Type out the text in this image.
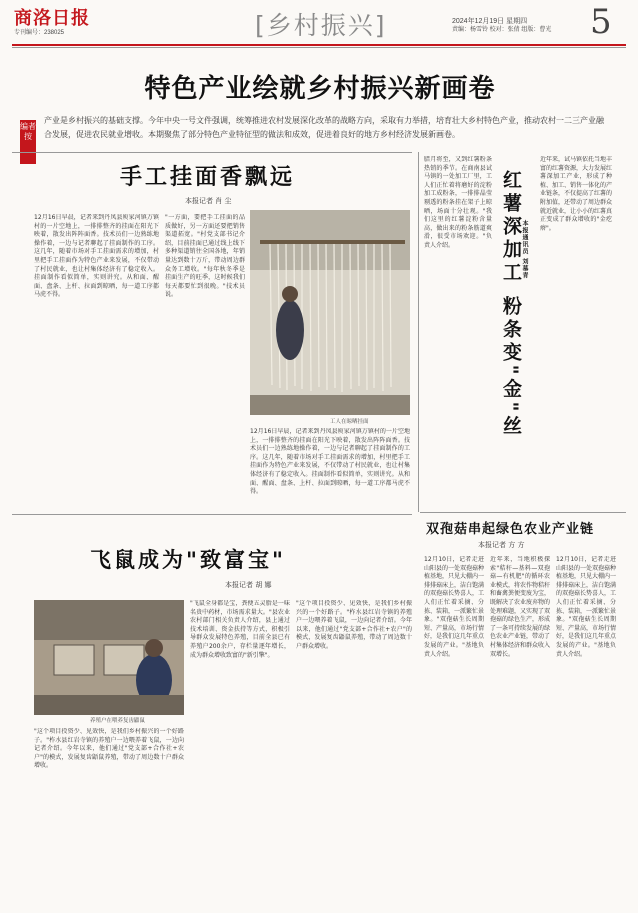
商洛日报
专刊编号：238025	[乡村振兴]	2024年12月19日 星期四
责编：杨雪铃 校对：张倩 组版：曹光 5
特色产业绘就乡村振兴新画卷
编者按
产业是乡村振兴的基础支撑。今年中央一号文件强调，统筹推进农村发展深化改革的战略方向，采取有力举措，培育壮大乡村特色产业，推动农村一二三产业融合发展，促进农民就业增收。本期聚焦了部分特色产业特征型的做法和成效，促进着良好的地方乡村经济发展新画卷。
手工挂面香飘远
本报记者 肖 尘
12月16日早晨，记者来到丹凤县庾家河镇万镇村的一片空地上，一排排整齐的挂面在阳光下映着，散发出阵阵面香。技术员们一边熟练地操作着，一边与记者聊起了挂面制作的工序。这几年，随着市场对手工挂面需求的增加，村里把手工挂面作为特色产业来发展，不仅带动了村民就业，也让村集体经济有了稳定收入。挂面制作看似简单，实则讲究。从和面、醒面、盘条、上杆、拉面到晾晒，每一道工序都马虎不得。
"一方面，要把手工挂面的品质做好，另一方面还要把销售渠道拓宽。"村党支部书记介绍，目前挂面已通过线上线下多种渠道销往全国各地，年销量达到数十万斤，带动周边群众务工增收。"每年秋冬季是挂面生产的旺季，这时候我们每天都要忙到很晚。"技术员说。
工人在晾晒挂面
12月16日早晨，记者来到丹凤县庾家河镇万镇村的一片空地上，一排排整齐的挂面在阳光下映着，散发出阵阵面香。技术员们一边熟练地操作着，一边与记者聊起了挂面制作的工序。这几年，随着市场对手工挂面需求的增加，村里把手工挂面作为特色产业来发展，不仅带动了村民就业，也让村集体经济有了稳定收入。挂面制作看似简单，实则讲究。从和面、醒面、盘条、上杆、拉面到晾晒，每一道工序都马虎不得。
飞鼠成为"致富宝"
本报记者 胡 娜
养殖户在喂养复齿鼯鼠
"这个项目投资少、见效快，是我们乡村振兴的一个好路子。"柞水县红岩寺镇的养殖户一边喂养着飞鼠，一边向记者介绍。今年以来，他们通过"党支部+合作社+农户"的模式，发展复齿鼯鼠养殖，带动了周边数十户群众增收。
"飞鼠全身都是宝，粪便五灵脂是一味名贵中药材，市场需求量大。"县农业农村部门相关负责人介绍，县上通过技术培训、资金扶持等方式，积极引导群众发展特色养殖，目前全县已有养殖户200余户，存栏量逐年增长，成为群众增收致富的"新引擎"。
"这个项目投资少、见效快，是我们乡村振兴的一个好路子。"柞水县红岩寺镇的养殖户一边喂养着飞鼠，一边向记者介绍。今年以来，他们通过"党支部+合作社+农户"的模式，发展复齿鼯鼠养殖，带动了周边数十户群众增收。
腊月将至，又到红薯粉条热销的季节。在商南县试马镇的一处加工厂里，工人们正忙着将磨好的淀粉加工成粉条，一排排晶莹剔透的粉条挂在架子上晾晒，场面十分壮观。"我们这里的红薯淀粉含量高，做出来的粉条筋道爽滑，很受市场欢迎。"负责人介绍。	红薯深加工 粉条变"金"丝 本报通讯员 刘慕青
近年来，试马镇依托当地丰富的红薯资源，大力发展红薯深加工产业，形成了种植、加工、销售一体化的产业链条，不仅提高了红薯的附加值，还带动了周边群众就近就业，让小小的红薯真正变成了群众增收的"金疙瘩"。
双孢菇串起绿色农业产业链
本报记者 方 方
12月10日，记者走进山阳县的一处双孢菇种植基地，只见大棚内一排排菇床上，洁白饱满的双孢菇长势喜人，工人们正忙着采摘、分拣、装箱，一派繁忙景象。"双孢菇生长周期短、产量高，市场行情好，是我们这几年重点发展的产业。"基地负责人介绍。
近年来，当地积极探索"秸秆—基料—双孢菇—有机肥"的循环农业模式，将农作物秸秆和畜禽粪便变废为宝，既解决了农业废弃物的处理难题，又实现了双孢菇的绿色生产，形成了一条可持续发展的绿色农业产业链，带动了村集体经济和群众收入双增长。
12月10日，记者走进山阳县的一处双孢菇种植基地，只见大棚内一排排菇床上，洁白饱满的双孢菇长势喜人，工人们正忙着采摘、分拣、装箱，一派繁忙景象。"双孢菇生长周期短、产量高，市场行情好，是我们这几年重点发展的产业。"基地负责人介绍。
